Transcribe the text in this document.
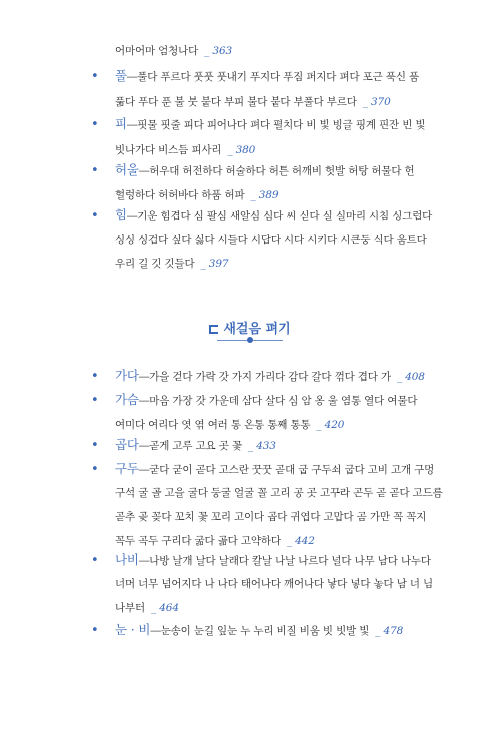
어마어마 엄청나다 _ 363
• 풀―풀다 푸르다 풋풋 풋내기 푸지다 푸짐 퍼지다 펴다 포근 푹신 품
풂다 푸다 푼 불 붓 붙다 부피 불다 붙다 부풀다 부르다 _ 370
• 피―핏물 핏줄 피다 피어나다 펴다 펼치다 비 빛 빙글 핑계 핀잔 빈 빛
빗나가다 비스듬 피사리 _ 380
• 허울―허우대 허전하다 허술하다 허튼 허깨비 헛발 허탕 허물다 헌
헐렁하다 허허바다 하품 허파 _ 389
• 힘―기운 힘겹다 심 팔심 새알심 심다 씨 싣다 실 실마리 시침 싱그럽다
싱싱 싱겁다 싶다 싫다 시들다 시답다 시다 시키다 시큰둥 식다 움트다
우리 길 깃 깃들다 _ 397
새걸음 펴기
• 가다―가을 걷다 가락 갓 가지 가리다 감다 갈다 꺾다 겹다 가 _ 408
• 가슴―마음 가장 갓 가운데 삼다 살다 심 암 옹 울 염통 열다 여물다
여미다 여리다 엿 엮 여러 통 온통 통째 통통 _ 420
• 곱다―곧게 고루 고요 곳 꽃 _ 433
• 구두―굳다 굳이 곧다 고스란 꿋꿋 곧대 굽 구두쇠 굽다 고비 고개 구멍
구석 굴 골 고을 굴다 둥굴 얼굴 꼴 고리 공 곳 고꾸라 곤두 곧 곧다 고드름
곧추 곶 꽂다 꼬치 꽃 꼬리 고이다 곱다 귀엽다 고맙다 곰 가만 꼭 꼭지
꼭두 곡두 구리다 굶다 곪다 고약하다 _ 442
• 나비―나방 날개 날다 날래다 칼날 나날 나르다 널다 나무 남다 나누다
너머 너무 넘어지다 나 나다 태어나다 깨어나다 낳다 넣다 놓다 남 너 님
나부터 _ 464
• 눈 · 비―눈송이 눈길 잎눈 누 누리 비질 비움 빗 빗발 빛 _ 478
